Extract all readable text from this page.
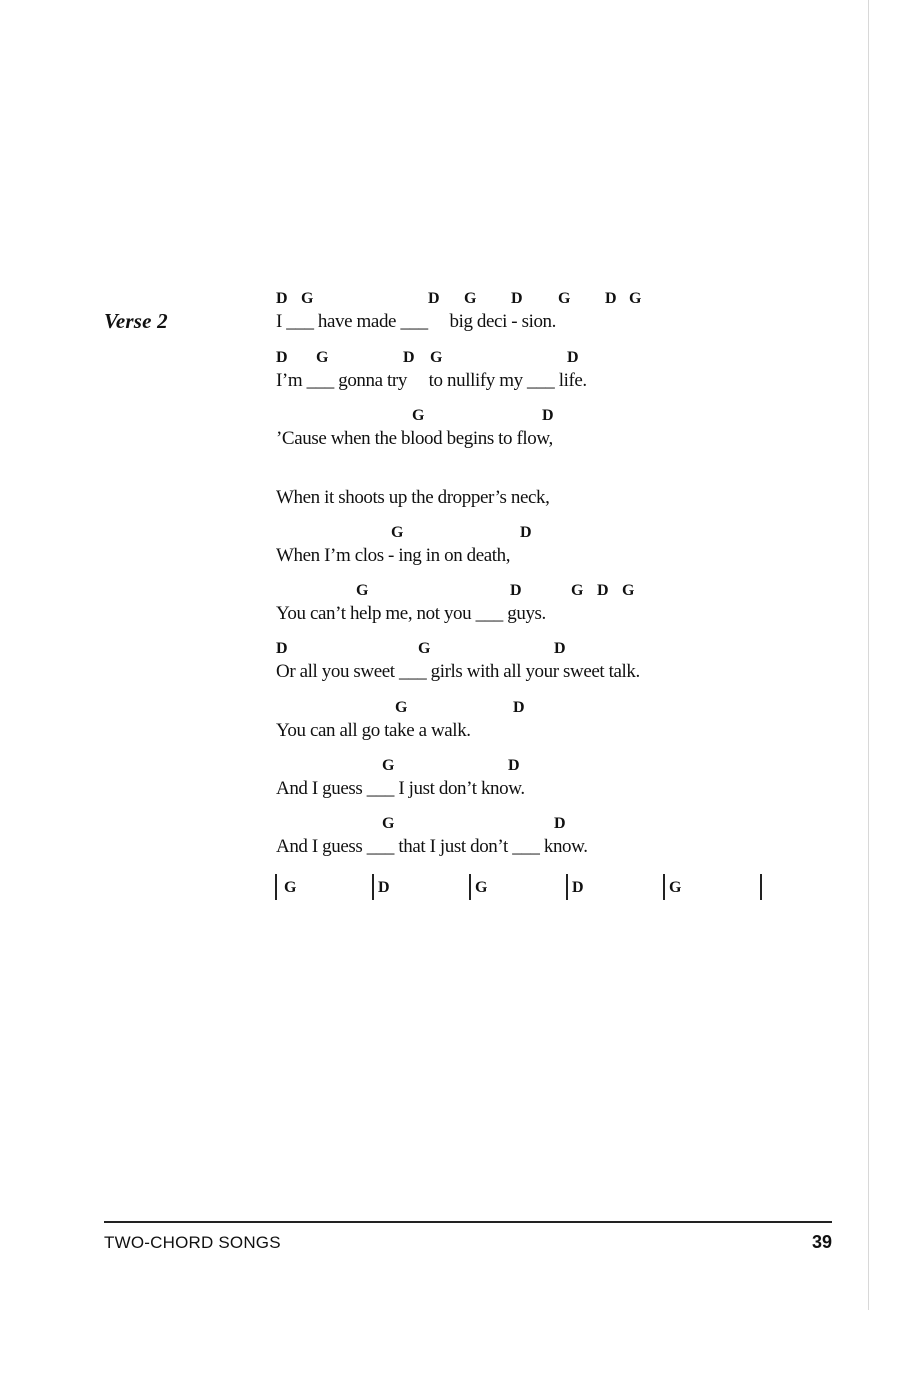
Verse 2
D G	D G D G D G
I ___ have made ___     big deci - sion.
D G	D G	D
I’m ___ gonna try     to nullify my ___ life.
G	D
’Cause when the blood begins to flow,
When it shoots up the dropper’s neck,
G	D
When I’m clos - ing in on death,
G	D	G D G
You can’t help me, not you ___ guys.
D	G	D
Or all you sweet ___ girls with all your sweet talk.
G	D
You can all go take a walk.
G	D
And I guess ___ I just don’t know.
G	D
And I guess ___ that I just don’t ___ know.
G	D	G	D	G
TWO-CHORD SONGS	39
